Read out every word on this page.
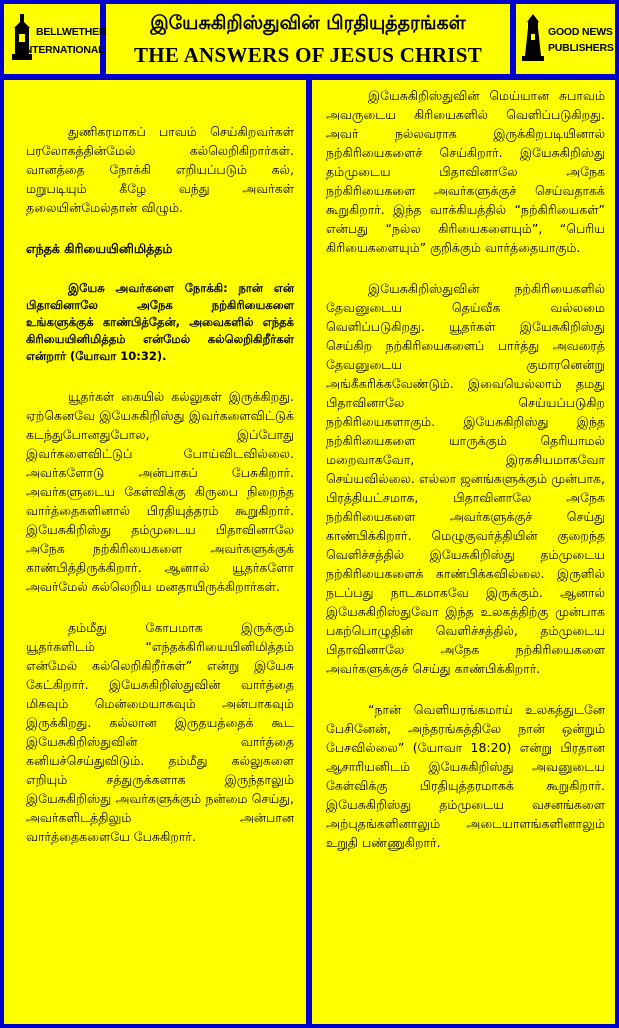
BELLWETHER
INTERNATIONAL
இயேசுகிறிஸ்துவின் பிரதியுத்தரங்கள்
THE ANSWERS OF JESUS CHRIST
GOOD NEWS
PUBLISHERS

துணிகரமாகப் பாவம் செய்கிறவர்கள் பரலோகத்தின்மேல் கல்லெறிகிறார்கள். வானத்தை நோக்கி எறியப்படும் கல், மறுபடியும் கீழே வந்து அவர்கள் தலையின்மேல்தான் விழும்.

எந்தக் கிரியையினிமித்தம்

இயேசு அவர்களை நோக்கி: நான் என் பிதாவினாலே அநேக நற்கிரியைகளை உங்களுக்குக் காண்பித்தேன், அவைகளில் எந்தக் கிரியையினிமித்தம் என்மேல் கல்லெறிகிறீர்கள் என்றார் (யோவா 10:32).

யூதர்கள் கையில் கல்லுகள் இருக்கிறது. ஏற்கெனவே இயேசுகிறிஸ்து இவர்களைவிட்டுக் கடந்துபோனதுபோல, இப்போது இவர்களைவிட்டுப் போய்விடவில்லை. அவர்களோடு அன்பாகப் பேசுகிறார். அவர்களுடைய கேள்விக்கு கிருபை நிறைந்த வார்த்தைகளினால் பிரதியுத்தரம் கூறுகிறார். இயேசுகிறிஸ்து தம்முடைய பிதாவினாலே அநேக நற்கிரியைகளை அவர்களுக்குக் காண்பித்திருக்கிறார். ஆனால் யூதர்களோ அவர்மேல் கல்லெறிய மனதாயிருக்கிறார்கள்.

தம்மீது கோபமாக இருக்கும் யூதர்களிடம் “எந்தக்கிரியையினிமித்தம் என்மேல் கல்லெறிகிறீர்கள்” என்று இயேசு கேட்கிறார். இயேசுகிறிஸ்துவின் வார்த்தை மிகவும் மென்மையாகவும் அன்பாகவும் இருக்கிறது. கல்லான இருதயத்தைக் கூட இயேசுகிறிஸ்துவின் வார்த்தை கனியச்செய்துவிடும். தம்மீது கல்லுகளை எறியும் சத்துருக்களாக இருந்தாலும் இயேசுகிறிஸ்து அவர்களுக்கும் நன்மை செய்து, அவர்களிடத்திலும் அன்பான வார்த்தைகளையே பேசுகிறார்.

இயேசுகிறிஸ்துவின் மெய்யான சுபாவம் அவருடைய கிரியைகளில் வெளிப்படுகிறது. அவர் நல்லவராக இருக்கிறபடியினால் நற்கிரியைகளைச் செய்கிறார். இயேசுகிறிஸ்து தம்முடைய பிதாவினாலே அநேக நற்கிரியைகளை அவர்களுக்குச் செய்வதாகக் கூறுகிறார். இந்த வாக்கியத்தில் “நற்கிரியைகள்” என்பது “நல்ல கிரியைகளையும்”, “பெரிய கிரியைகளையும்” குறிக்கும் வார்த்தையாகும்.

இயேசுகிறிஸ்துவின் நற்கிரியைகளில் தேவனுடைய தெய்வீக வல்லமை வெளிப்படுகிறது. யூதர்கள் இயேசுகிறிஸ்து செய்கிற நற்கிரியைகளைப் பார்த்து அவரைத் தேவனுடைய குமாரனென்று அங்கீகரிக்கவேண்டும். இவையெல்லாம் தமது பிதாவினாலே செய்யப்படுகிற நற்கிரியைகளாகும். இயேசுகிறிஸ்து இந்த நற்கிரியைகளை யாருக்கும் தெரியாமல் மறைவாகவோ, இரகசியமாகவோ செய்யவில்லை. எல்லா ஜனங்களுக்கும் முன்பாக, பிரத்தியட்சமாக, பிதாவினாலே அநேக நற்கிரியைகளை அவர்களுக்குச் செய்து காண்பிக்கிறார். மெழுகுவர்த்தியின் குறைந்த வெளிச்சத்தில் இயேசுகிறிஸ்து தம்முடைய நற்கிரியைகளைக் காண்பிக்கவில்லை. இருளில் நடப்பது நாடகமாகவே இருக்கும். ஆனால் இயேசுகிறிஸ்துவோ இந்த உலகத்திற்கு முன்பாக பகற்பொழுதின் வெளிச்சத்தில், தம்முடைய பிதாவினாலே அநேக நற்கிரியைகளை அவர்களுக்குச் செய்து காண்பிக்கிறார்.

“நான் வெளியரங்கமாய் உலகத்துடனே பேசினேன், அந்தரங்கத்திலே நான் ஒன்றும் பேசவில்லை” (யோவா 18:20) என்று பிரதான ஆசாரியனிடம் இயேசுகிறிஸ்து அவனுடைய கேள்விக்கு பிரதியுத்தரமாகக் கூறுகிறார். இயேசுகிறிஸ்து தம்முடைய வசனங்களை அற்புதங்களினாலும் அடையாளங்களினாலும் உறுதி பண்ணுகிறார்.
